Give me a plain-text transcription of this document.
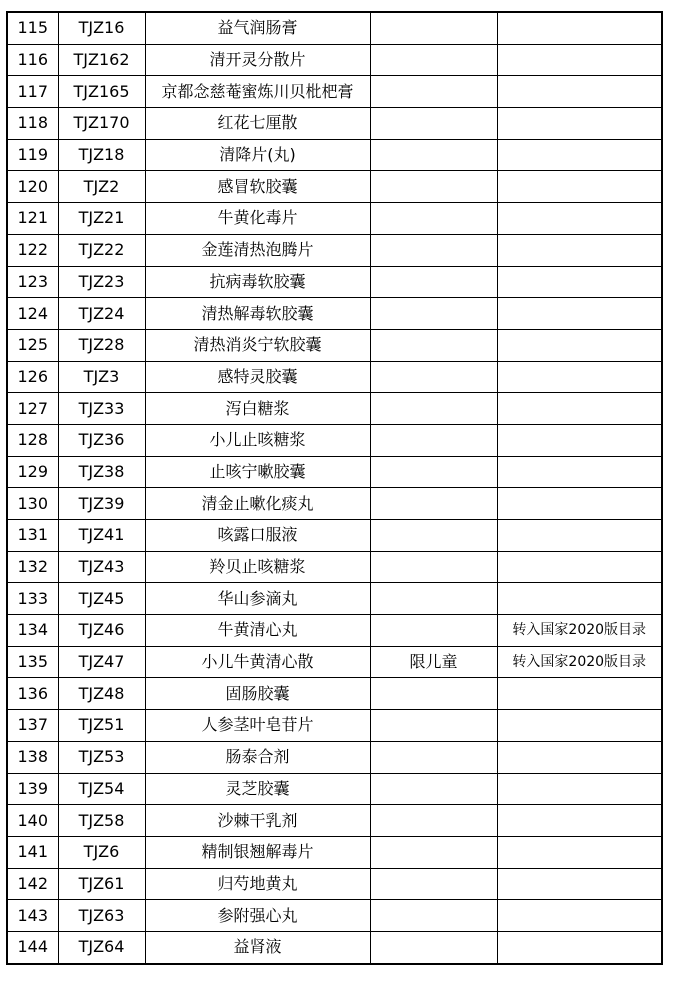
115	TJZ16	益气润肠膏		
116	TJZ162	清开灵分散片		
117	TJZ165	京都念慈菴蜜炼川贝枇杷膏		
118	TJZ170	红花七厘散		
119	TJZ18	清降片(丸)		
120	TJZ2	感冒软胶囊		
121	TJZ21	牛黄化毒片		
122	TJZ22	金莲清热泡腾片		
123	TJZ23	抗病毒软胶囊		
124	TJZ24	清热解毒软胶囊		
125	TJZ28	清热消炎宁软胶囊		
126	TJZ3	感特灵胶囊		
127	TJZ33	泻白糖浆		
128	TJZ36	小儿止咳糖浆		
129	TJZ38	止咳宁嗽胶囊		
130	TJZ39	清金止嗽化痰丸		
131	TJZ41	咳露口服液		
132	TJZ43	羚贝止咳糖浆		
133	TJZ45	华山参滴丸		
134	TJZ46	牛黄清心丸		转入国家2020版目录
135	TJZ47	小儿牛黄清心散	限儿童	转入国家2020版目录
136	TJZ48	固肠胶囊		
137	TJZ51	人参茎叶皂苷片		
138	TJZ53	肠泰合剂		
139	TJZ54	灵芝胶囊		
140	TJZ58	沙棘干乳剂		
141	TJZ6	精制银翘解毒片		
142	TJZ61	归芍地黄丸		
143	TJZ63	参附强心丸		
144	TJZ64	益肾液		
